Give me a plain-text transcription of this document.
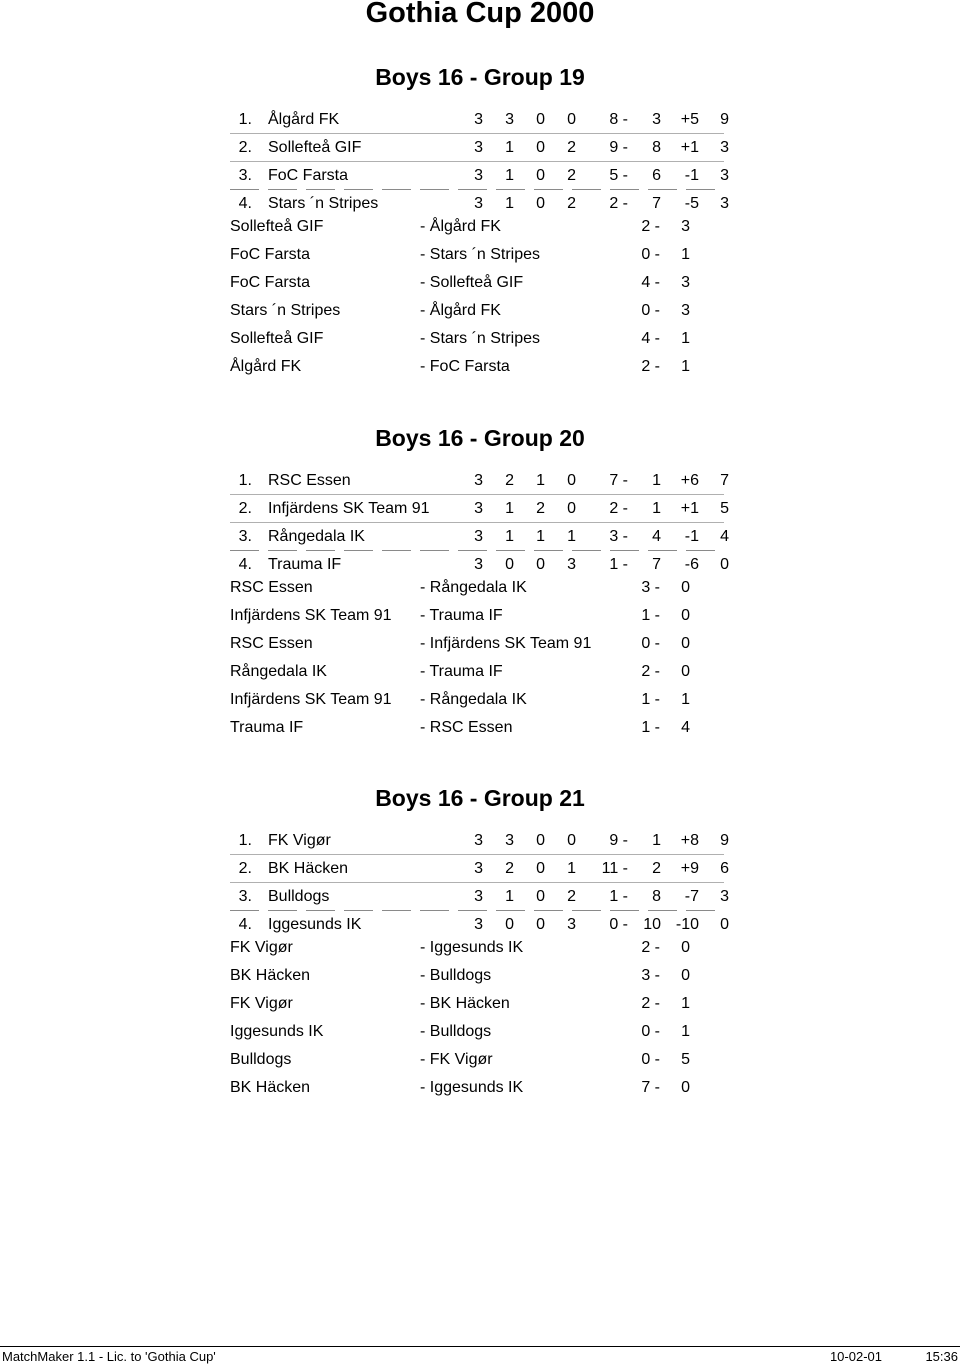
Gothia Cup 2000
Boys 16 - Group 19
1. Ålgård FK	3 3 0 0 8 - 3 +5 9
2. Sollefteå GIF	3 1 0 2 9 - 8 +1 3
3. FoC Farsta	3 1 0 2 5 - 6 -1 3
4. Stars ´n Stripes	3 1 0 2 2 - 7 -5 3
Sollefteå GIF	- Ålgård FK	2 - 3
FoC Farsta	- Stars ´n Stripes	0 - 1
FoC Farsta	- Sollefteå GIF	4 - 3
Stars ´n Stripes	- Ålgård FK	0 - 3
Sollefteå GIF	- Stars ´n Stripes	4 - 1
Ålgård FK	- FoC Farsta	2 - 1
Boys 16 - Group 20
1. RSC Essen	3 2 1 0 7 - 1 +6 7
2. Infjärdens SK Team 91	3 1 2 0 2 - 1 +1 5
3. Rångedala IK	3 1 1 1 3 - 4 -1 4
4. Trauma IF	3 0 0 3 1 - 7 -6 0
RSC Essen	- Rångedala IK	3 - 0
Infjärdens SK Team 91 - Trauma IF	1 - 0
RSC Essen	- Infjärdens SK Team 91	0 - 0
Rångedala IK	- Trauma IF	2 - 0
Infjärdens SK Team 91 - Rångedala IK	1 - 1
Trauma IF	- RSC Essen	1 - 4
Boys 16 - Group 21
1. FK Vigør	3 3 0 0 9 - 1 +8 9
2. BK Häcken	3 2 0 1 11 - 2 +9 6
3. Bulldogs	3 1 0 2 1 - 8 -7 3
4. Iggesunds IK	3 0 0 3 0 - 10 -10 0
FK Vigør	- Iggesunds IK	2 - 0
BK Häcken	- Bulldogs	3 - 0
FK Vigør	- BK Häcken	2 - 1
Iggesunds IK	- Bulldogs	0 - 1
Bulldogs	- FK Vigør	0 - 5
BK Häcken	- Iggesunds IK	7 - 0
MatchMaker 1.1 - Lic. to 'Gothia Cup'	10-02-01	15:36
